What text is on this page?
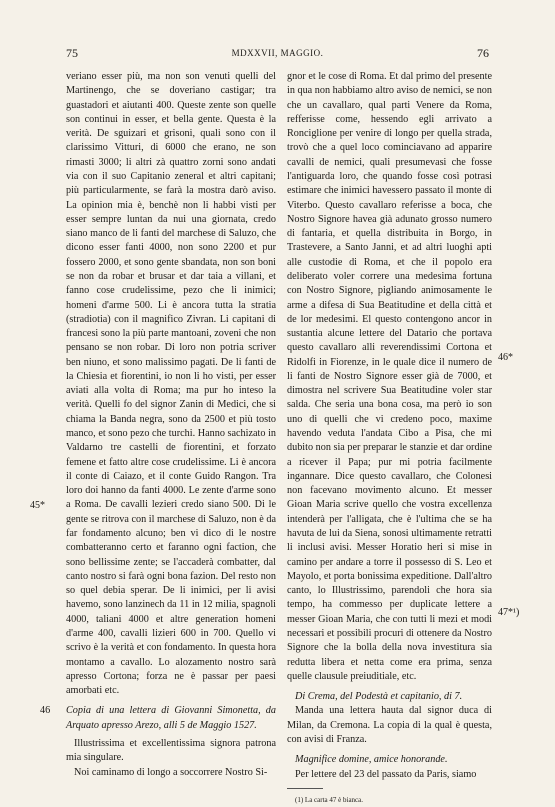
75	MDXXVII, MAGGIO.	76

veriano esser più, ma non son venuti quelli del Martinengo, che se doveriano castigar; tra guastadori et aiutanti 400. Queste zente son quelle son continui in esser, et bella gente. Questa è la verità. De sguizari et grisoni, quali sono con il clarissimo Vitturi, di 6000 che erano, ne son rimasti 3000; li altri zà quattro zorni sono andati via con il suo Capitanio zeneral et altri capitani; più particularmente, se farà la mostra darò aviso. La opinion mia è, benchè non li habbi visti per esser sempre luntan da nui una giornata, credo siano manco de li fanti del marchese di Saluzo, che dicono esser fanti 4000, non sono 2200 et pur fossero 2000, et sono gente sbandata, non son boni se non da robar et brusar et dar taia a villani, et fanno cose crudelissime, pezo che li inimici; homeni d'arme 500. Li è ancora tutta la stratia (stradiotia) con il magnifico Zivran. Li capitani di francesi sono la più parte mantoani, zoveni che non pensano se non robar. Di loro non potria scriver ben niuno, et sono malissimo pagati. De li fanti de la Chiesia et fiorentini, io non li ho visti, per esser aviati alla volta di Roma; ma pur ho inteso la verità. Quelli fo del signor Zanin di Medici, che si chiama la Banda negra, sono da 2500 et più tosto manco, et sono pezo che turchi. Hanno sachizato in Valdarno tre castelli de fiorentini, et forzato femene et fatto altre cose crudelissime. Li è ancora il conte di Caiazo, et il conte Guido Rangon. Tra loro doi hanno da fanti 4000. Le zente d'arme sono a Roma. De cavalli lezieri credo siano 500. Di le gente se ritrova con il marchese di Saluzo, non è da far fondamento alcuno; ben vi dico di le nostre combatteranno certo et faranno ogni faction, che sono bellissime zente; se l'accaderà combatter, dal canto nostro si farà ogni bona fazion. Del resto non so quel debia sperar. De li inimici, per li avisi havemo, sono lanzinech da 11 in 12 milia, spagnoli 4000, taliani 4000 et altre generation homeni d'arme 400, cavalli lizieri 600 in 700. Quello vi scrivo è la verità et con fondamento. In questa hora montamo a cavallo. Lo alozamento nostro sarà apresso Cortona; forza ne è passar per paesi amorbati etc.

46 Copia di una lettera di Giovanni Simonetta, da Arquato apresso Arezo, alli 5 de Maggio 1527.

Illustrissima et excellentissima signora patrona mia singulare.

Noi caminamo di longo a soccorrere Nostro Si-

gnor et le cose di Roma. Et dal primo del presente in qua non habbiamo altro aviso de nemici, se non che un cavallaro, qual parti Venere da Roma, refferisse come, hessendo egli arrivato a Ronciglione per venire di longo per quella strada, trovò che a quel loco cominciavano ad apparire cavalli de nemici, quali presumevasi che fosse l'antiguarda loro, che quando fosse così potrasi estimare che inimici havessero passato il monte di Viterbo. Questo cavallaro referisse a boca, che Nostro Signore havea già adunato grosso numero di fantaria, et quella distribuita in Borgo, in Trastevere, a Santo Janni, et ad altri luoghi apti alle custodie di Roma, et che il popolo era deliberato voler correre una medesima fortuna con Nostro Signore, pigliando animosamente le arme a difesa di Sua Beatitudine et della città et de lor medesimi. El questo contengono ancor in sustantia alcune lettere del Datario che portava questo cavallaro alli reverendissimi Cortona et Ridolfi in Fiorenze, in le quale dice il numero de li fanti de Nostro Signore esser già de 7000, et dimostra nel scrivere Sua Beatitudine voler star salda. Che seria una bona cosa, ma però io son uno di quelli che vi credeno poco, maxime havendo veduta l'andata Cibo a Pisa, che mi dubito non sia per preparar le stanzie et dar ordine a ricever il Papa; pur mi potria facilmente ingannare. Dice questo cavallaro, che Colonesi non facevano movimento alcuno. Et messer Gioan Maria scrive quello che vostra excellenza intenderà per l'alligata, che è l'ultima che se ha havuta de lui da Siena, sonosi ultimamente retratti li inclusi avisi. Messer Horatio heri si mise in camino per andare a torre il possesso di S. Leo et Mayolo, et porta bonissima expeditione. Dall'altro canto, lo Illustrissimo, parendoli che hora sia tempo, ha commesso per duplicate lettere a messer Gioan Maria, che con tutti li mezi et modi necessari et possibili procuri di ottenere da Nostro Signore che la bolla della nova investitura sia redutta libera et netta come era prima, senza quelle clausule preiuditiale, etc.

Di Crema, del Podestà et capitanio, di 7.

Manda una lettera hauta dal signor duca di Milan, da Cremona. La copia di la qual è questa, con avisi di Franza.

Magnifice domine, amice honorande.

Per lettere del 23 del passato da Paris, siamo

(1) La carta 47 è bianca.

45*
46*
47*¹)
